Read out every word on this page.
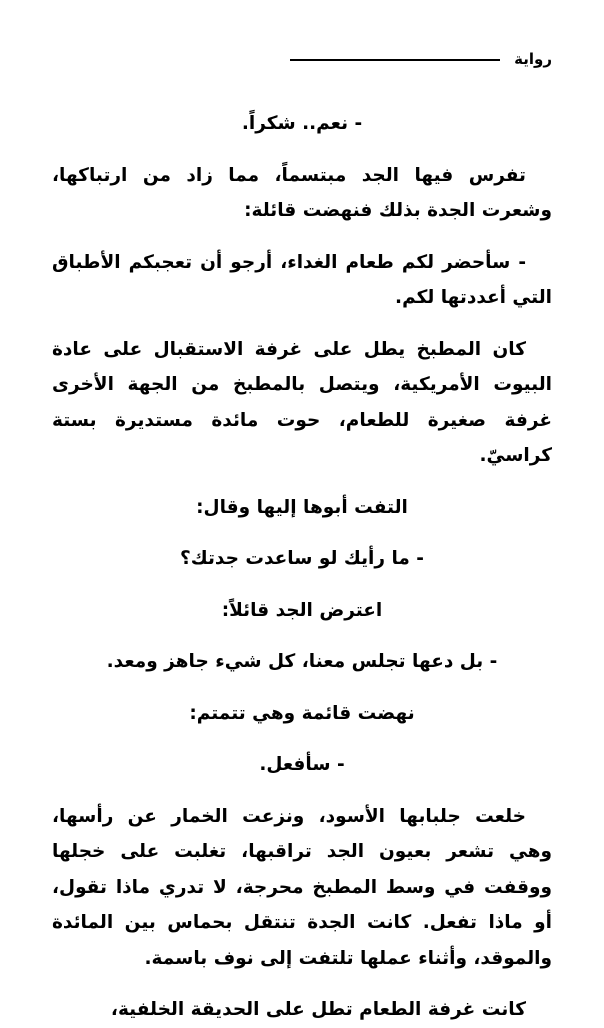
رواية

- نعم.. شكراً.

تفرس فيها الجد مبتسماً، مما زاد من ارتباكها، وشعرت الجدة بذلك فنهضت قائلة:

- سأحضر لكم طعام الغداء، أرجو أن تعجبكم الأطباق التي أعددتها لكم.

كان المطبخ يطل على غرفة الاستقبال على عادة البيوت الأمريكية، ويتصل بالمطبخ من الجهة الأخرى غرفة صغيرة للطعام، حوت مائدة مستديرة بستة كراسيّ.

التفت أبوها إليها وقال:

- ما رأيك لو ساعدت جدتك؟

اعترض الجد قائلاً:

- بل دعها تجلس معنا، كل شيء جاهز ومعد.

نهضت قائمة وهي تتمتم:

- سأفعل.

خلعت جلبابها الأسود، ونزعت الخمار عن رأسها، وهي تشعر بعيون الجد تراقبها، تغلبت على خجلها ووقفت في وسط المطبخ محرجة، لا تدري ماذا تقول، أو ماذا تفعل. كانت الجدة تنتقل بحماس بين المائدة والموقد، وأثناء عملها تلتفت إلى نوف باسمة.

كانت غرفة الطعام تطل على الحديقة الخلفية،
